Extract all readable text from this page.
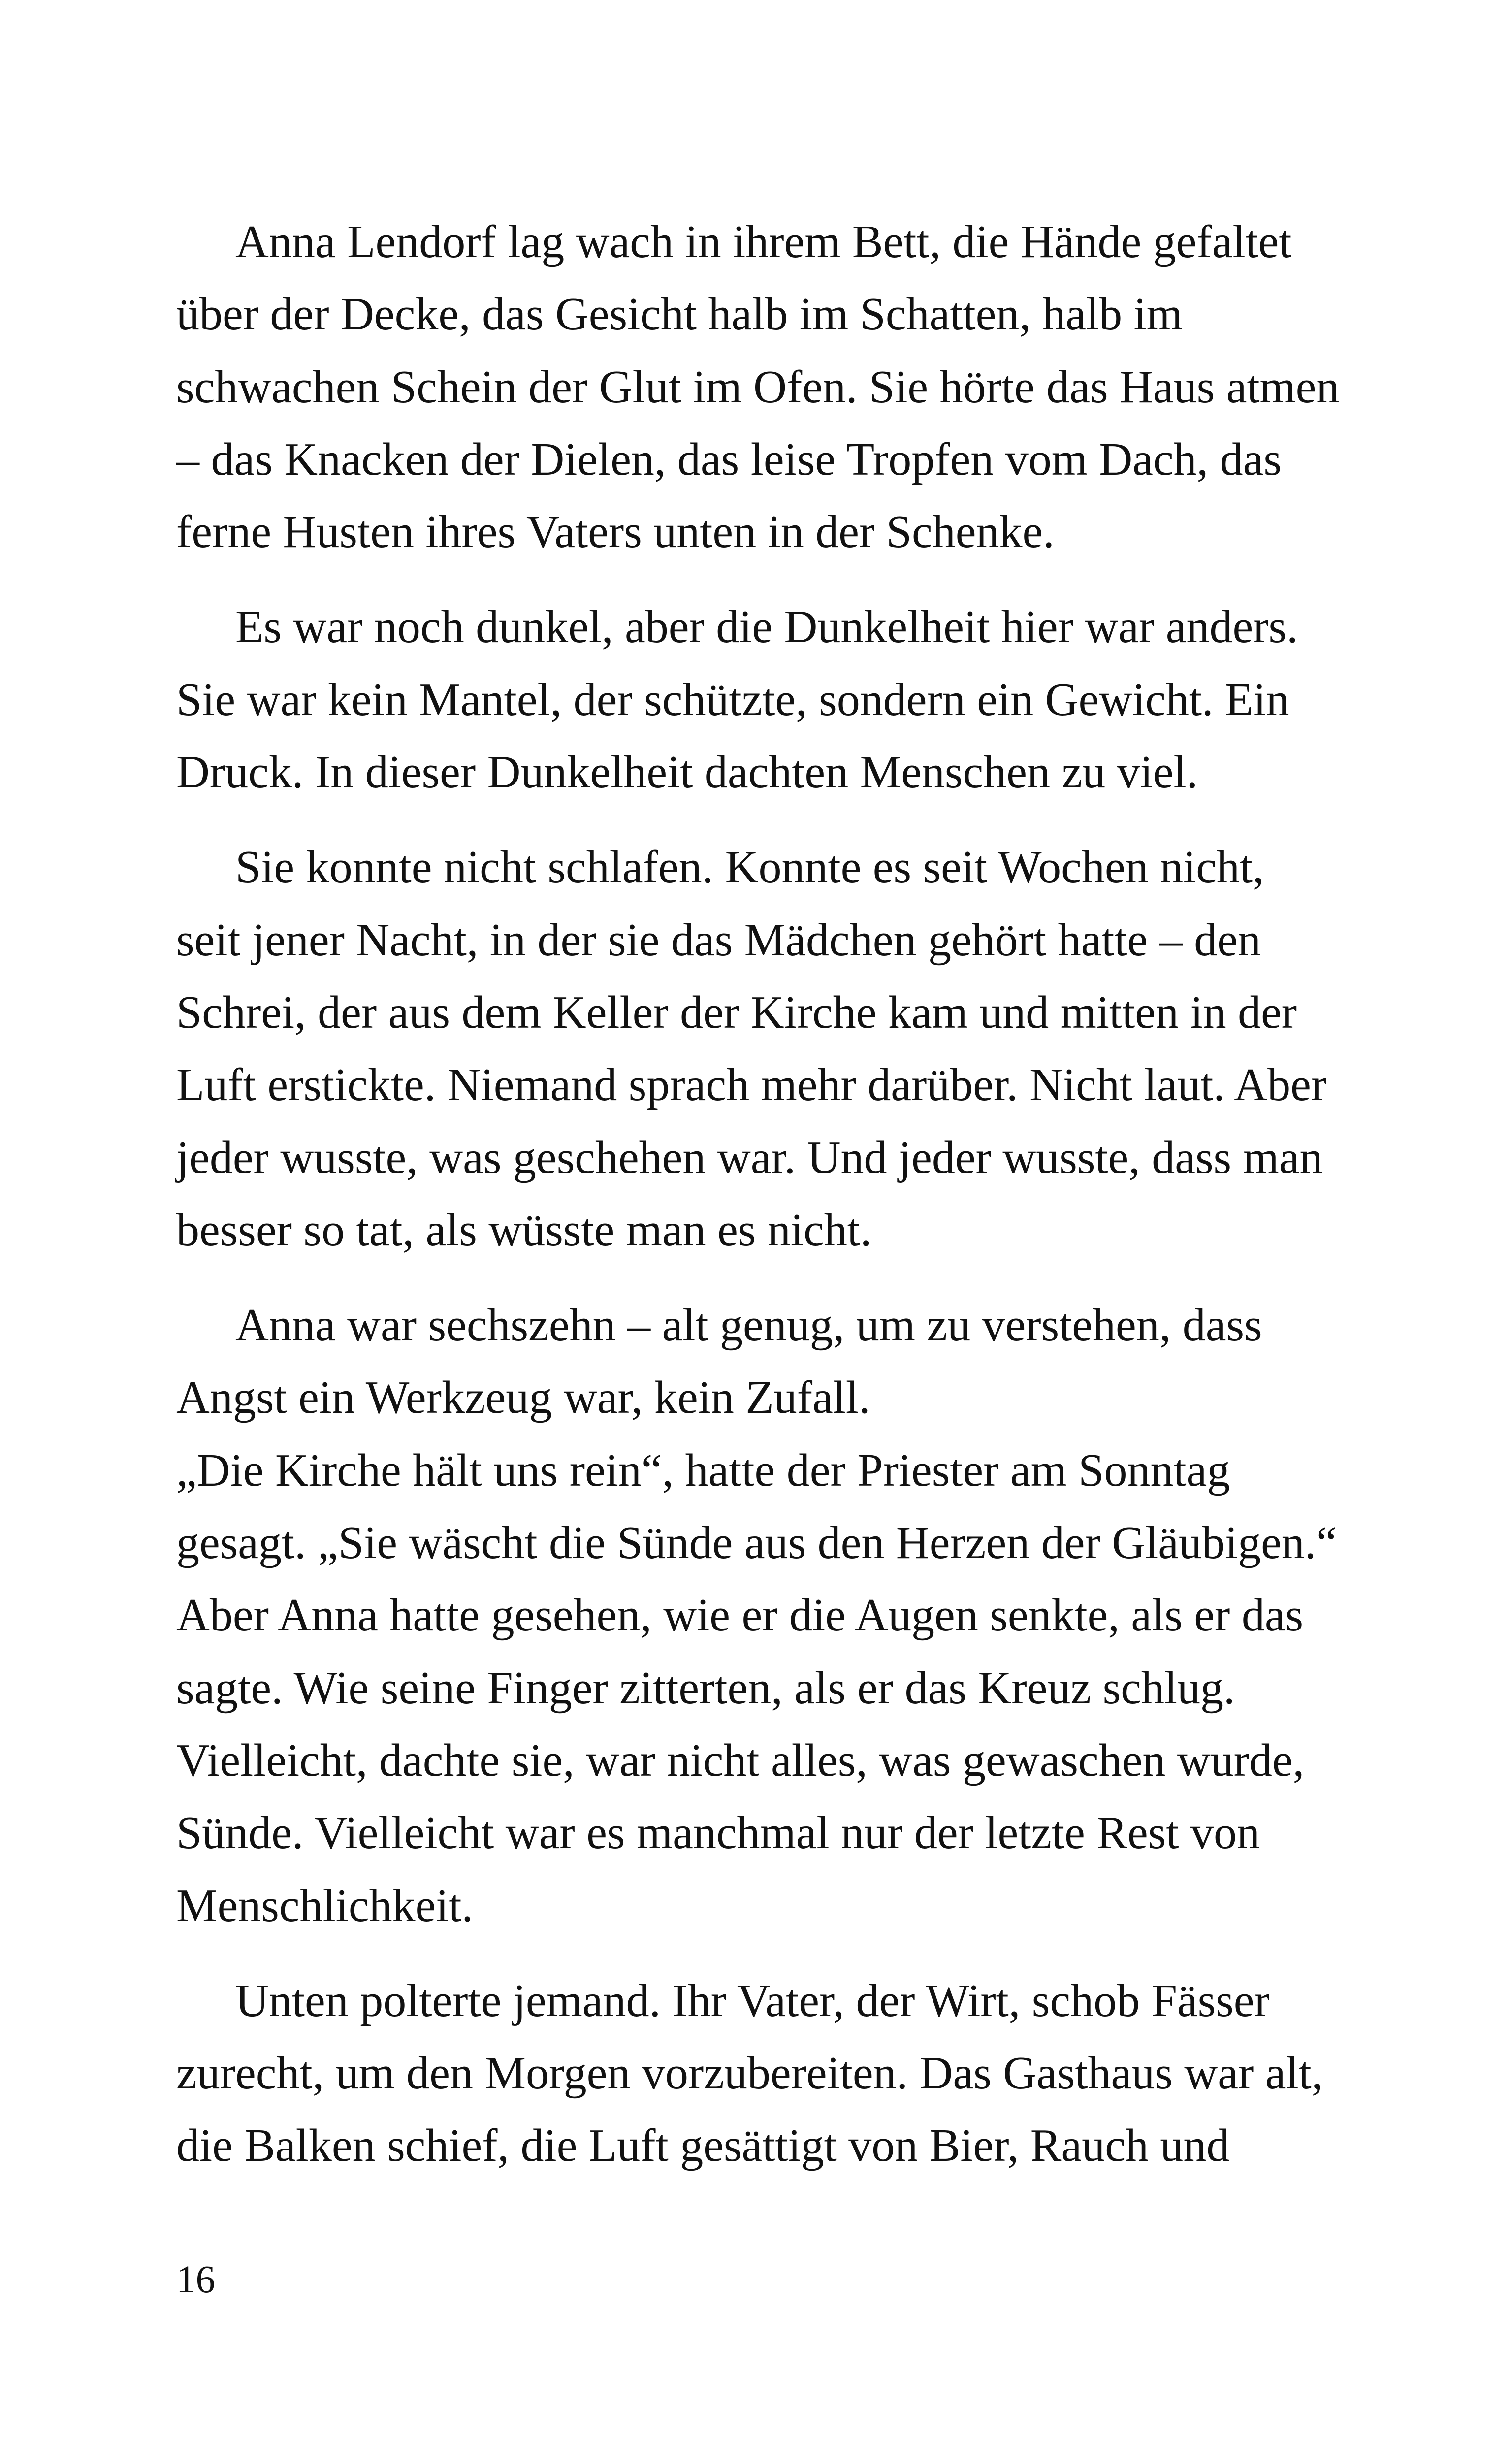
Anna Lendorf lag wach in ihrem Bett, die Hände gefaltet
über der Decke, das Gesicht halb im Schatten, halb im
schwachen Schein der Glut im Ofen. Sie hörte das Haus atmen
– das Knacken der Dielen, das leise Tropfen vom Dach, das
ferne Husten ihres Vaters unten in der Schenke.

Es war noch dunkel, aber die Dunkelheit hier war anders.
Sie war kein Mantel, der schützte, sondern ein Gewicht. Ein
Druck. In dieser Dunkelheit dachten Menschen zu viel.

Sie konnte nicht schlafen. Konnte es seit Wochen nicht,
seit jener Nacht, in der sie das Mädchen gehört hatte – den
Schrei, der aus dem Keller der Kirche kam und mitten in der
Luft erstickte. Niemand sprach mehr darüber. Nicht laut. Aber
jeder wusste, was geschehen war. Und jeder wusste, dass man
besser so tat, als wüsste man es nicht.

Anna war sechszehn – alt genug, um zu verstehen, dass
Angst ein Werkzeug war, kein Zufall.
„Die Kirche hält uns rein“, hatte der Priester am Sonntag
gesagt. „Sie wäscht die Sünde aus den Herzen der Gläubigen.“
Aber Anna hatte gesehen, wie er die Augen senkte, als er das
sagte. Wie seine Finger zitterten, als er das Kreuz schlug.
Vielleicht, dachte sie, war nicht alles, was gewaschen wurde,
Sünde. Vielleicht war es manchmal nur der letzte Rest von
Menschlichkeit.

Unten polterte jemand. Ihr Vater, der Wirt, schob Fässer
zurecht, um den Morgen vorzubereiten. Das Gasthaus war alt,
die Balken schief, die Luft gesättigt von Bier, Rauch und

16
